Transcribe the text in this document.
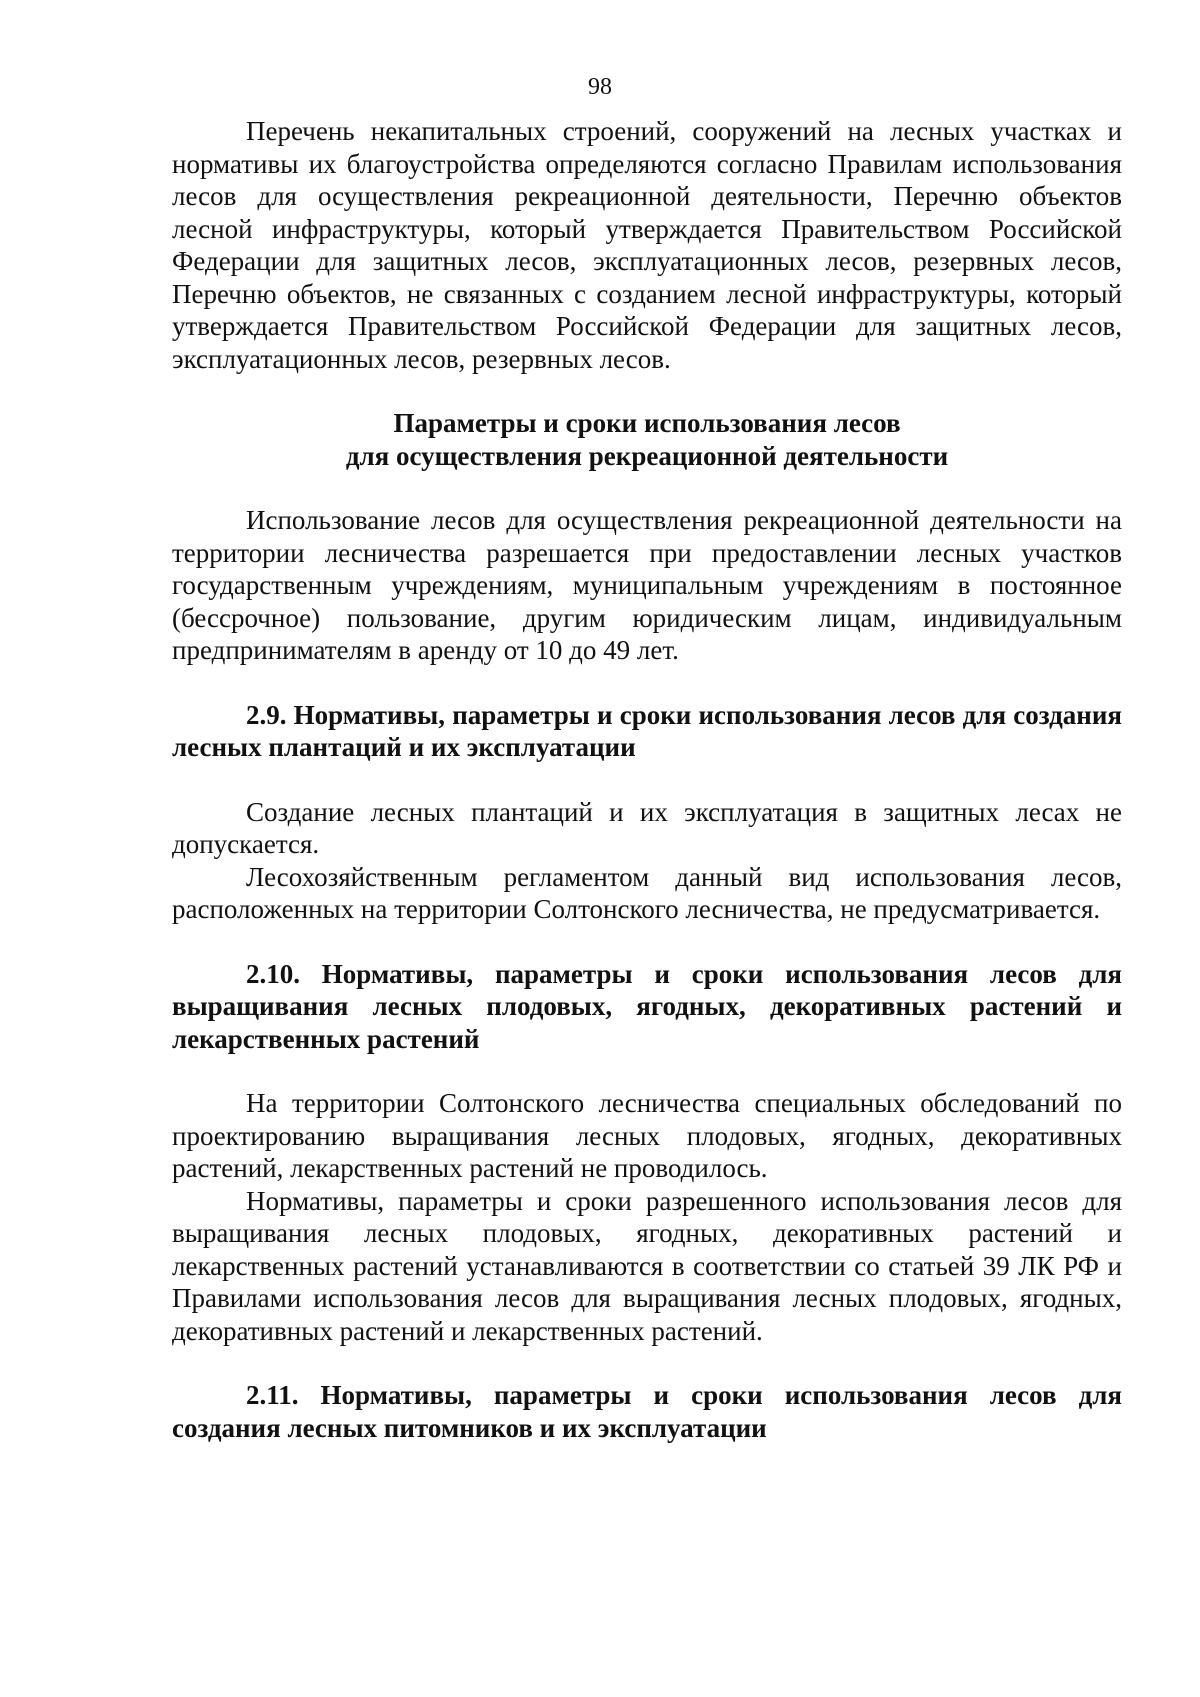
98

Перечень некапитальных строений, сооружений на лесных участках и нормативы их благоустройства определяются согласно Правилам использования лесов для осуществления рекреационной деятельности, Перечню объектов лесной инфраструктуры, который утверждается Правительством Российской Федерации для защитных лесов, эксплуатационных лесов, резервных лесов, Перечню объектов, не связанных с созданием лесной инфраструктуры, который утверждается Правительством Российской Федерации для защитных лесов, эксплуатационных лесов, резервных лесов.

Параметры и сроки использования лесов

для осуществления рекреационной деятельности

Использование лесов для осуществления рекреационной деятельности на территории лесничества разрешается при предоставлении лесных участков государственным учреждениям, муниципальным учреждениям в постоянное (бессрочное) пользование, другим юридическим лицам, индивидуальным предпринимателям в аренду от 10 до 49 лет.

2.9. Нормативы, параметры и сроки использования лесов для создания лесных плантаций и их эксплуатации

Создание лесных плантаций и их эксплуатация в защитных лесах не допускается.

Лесохозяйственным регламентом данный вид использования лесов, расположенных на территории Солтонского лесничества, не предусматривается.

2.10. Нормативы, параметры и сроки использования лесов для выращивания лесных плодовых, ягодных, декоративных растений и лекарственных растений

На территории Солтонского лесничества специальных обследований по проектированию выращивания лесных плодовых, ягодных, декоративных растений, лекарственных растений не проводилось.

Нормативы, параметры и сроки разрешенного использования лесов для выращивания лесных плодовых, ягодных, декоративных растений и лекарственных растений устанавливаются в соответствии со статьей 39 ЛК РФ и Правилами использования лесов для выращивания лесных плодовых, ягодных, декоративных растений и лекарственных растений.

2.11. Нормативы, параметры и сроки использования лесов для создания лесных питомников и их эксплуатации
